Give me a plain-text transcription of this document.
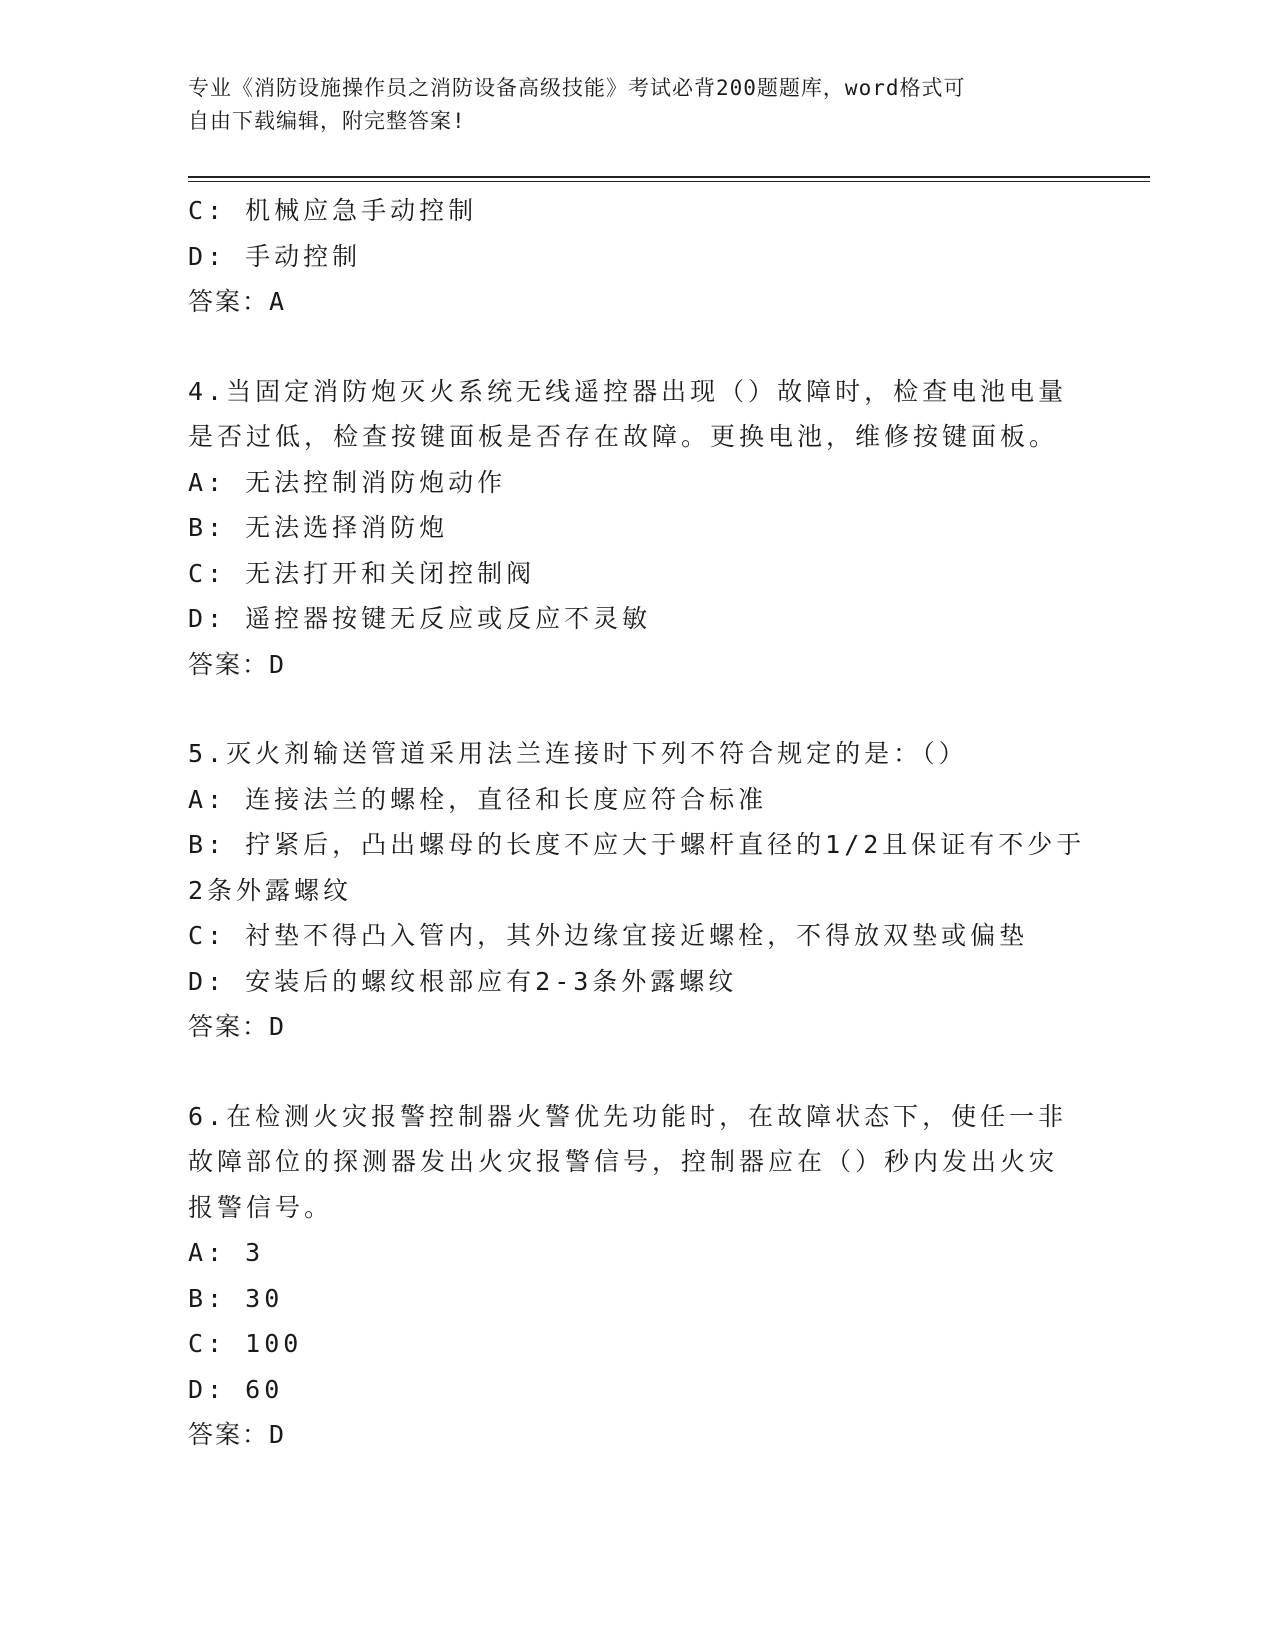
专业《消防设施操作员之消防设备高级技能》考试必背200题题库，word格式可
自由下载编辑，附完整答案!
C: 机械应急手动控制
D: 手动控制
答案：A
4.当固定消防炮灭火系统无线遥控器出现（）故障时，检查电池电量
是否过低，检查按键面板是否存在故障。更换电池，维修按键面板。
A: 无法控制消防炮动作
B: 无法选择消防炮
C: 无法打开和关闭控制阀
D: 遥控器按键无反应或反应不灵敏
答案：D
5.灭火剂输送管道采用法兰连接时下列不符合规定的是：（）
A: 连接法兰的螺栓，直径和长度应符合标准
B: 拧紧后，凸出螺母的长度不应大于螺杆直径的1/2且保证有不少于
2条外露螺纹
C: 衬垫不得凸入管内，其外边缘宜接近螺栓，不得放双垫或偏垫
D: 安装后的螺纹根部应有2-3条外露螺纹
答案：D
6.在检测火灾报警控制器火警优先功能时，在故障状态下，使任一非
故障部位的探测器发出火灾报警信号，控制器应在（）秒内发出火灾
报警信号。
A: 3
B: 30
C: 100
D: 60
答案：D
